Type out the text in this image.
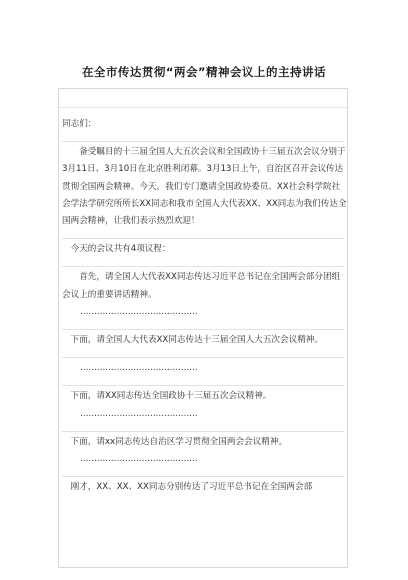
在全市传达贯彻“两会”精神会议上的主持讲话

同志们：

　　备受瞩目的十三届全国人大五次会议和全国政协十三届五次会议分别于3月11日、3月10日在北京胜利闭幕。3月13日上午，自治区召开会议传达贯彻全国两会精神。今天，我们专门邀请全国政协委员、XX社会科学院社会学法学研究所所长XX同志和我市全国人大代表XX、XX同志为我们传达全国两会精神，让我们表示热烈欢迎！

　今天的会议共有4项议程：

　　首先，请全国人大代表XX同志传达习近平总书记在全国两会部分团组会议上的重要讲话精神。

……………………………………

　下面，请全国人大代表XX同志传达十三届全国人大五次会议精神。

……………………………………

　下面，请XX同志传达全国政协十三届五次会议精神。

……………………………………

　下面，请xx同志传达自治区学习贯彻全国两会会议精神。

……………………………………

　刚才，XX、XX、XX同志分别传达了习近平总书记在全国两会部
